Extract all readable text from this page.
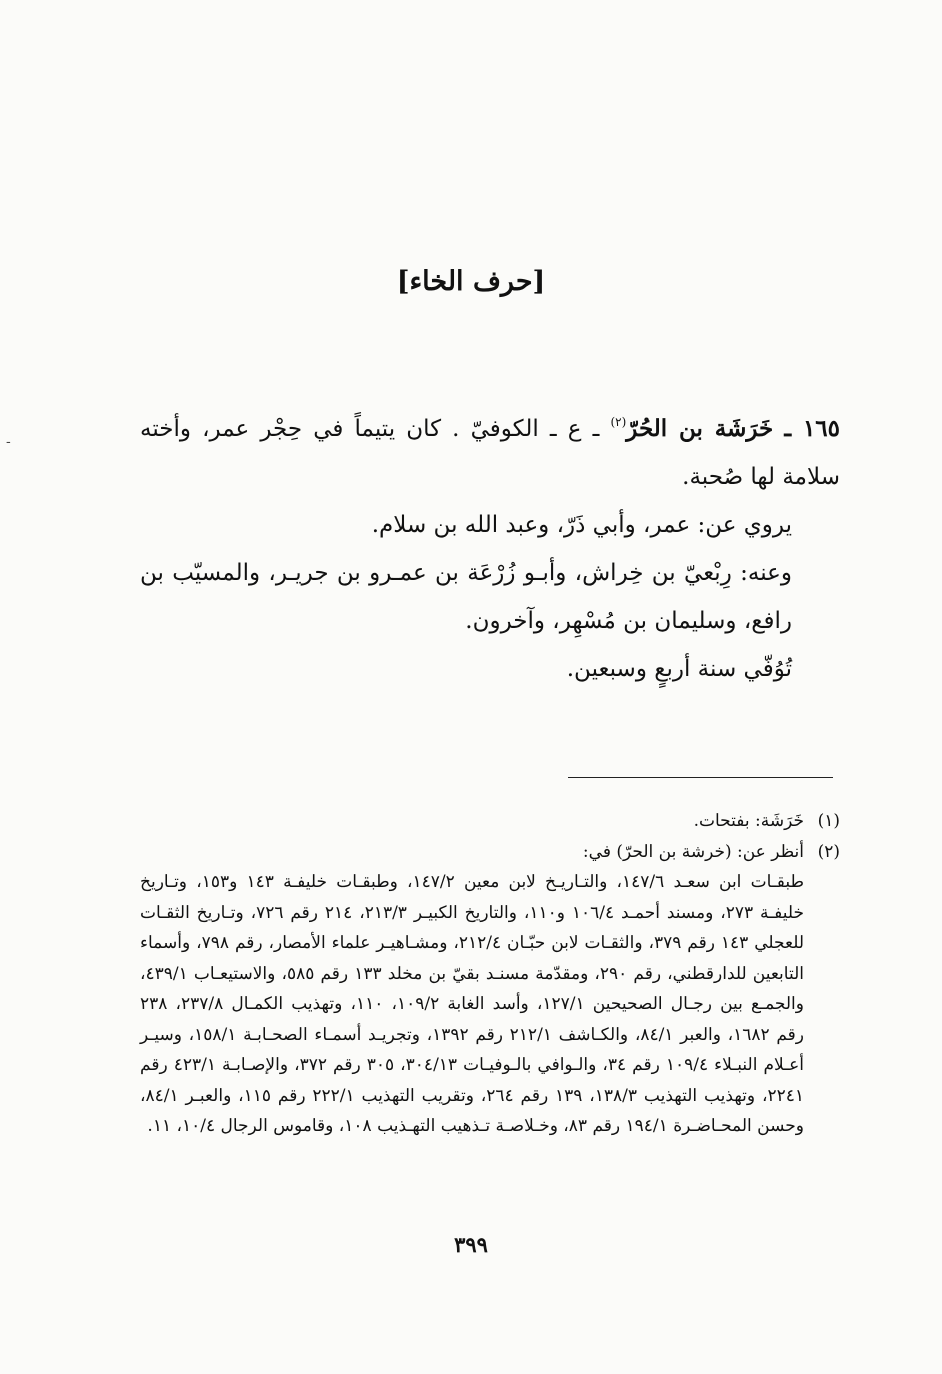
-
[حرف الخاء]

١٦٥ ـ خَرَشَة بن الحُرّ$^{(٢)}$ ـ ع ـ الكوفيّ . كان يتيماً في حِجْر عمر، وأخته سلامة لها صُحبة.

يروي عن: عمر، وأبي ذَرّ، وعبد الله بن سلام.

وعنه: رِبْعيّ بن خِراش، وأبـو زُرْعَة بن عمـرو بن جريـر، والمسيّب بن رافع، وسليمان بن مُسْهِر، وآخرون.

تُوُفّي سنة أربعٍ وسبعين.

(١)

خَرَشَة: بفتحات.

(٢)

أنظر عن: (خرشة بن الحرّ) في:

طبقـات ابن سعـد ١٤٧/٦، والتـاريـخ لابن معين ١٤٧/٢، وطبقـات خليفـة ١٤٣ و١٥٣، وتـاريخ خليفـة ٢٧٣، ومسند أحمـد ١٠٦/٤ و١١٠، والتاريخ الكبيـر ٢١٣/٣، ٢١٤ رقم ٧٢٦، وتـاريخ الثقـات للعجلي ١٤٣ رقم ٣٧٩، والثقـات لابن حبّـان ٢١٢/٤، ومشـاهيـر علماء الأمصار، رقم ٧٩٨، وأسماء التابعين للدارقطني، رقم ٢٩٠، ومقدّمة مسنـد بقيّ بن مخلد ١٣٣ رقم ٥٨٥، والاستيعـاب ٤٣٩/١، والجمـع بين رجـال الصحيحين ١٢٧/١، وأسد الغابة ١٠٩/٢، ١١٠، وتهذيب الكمـال ٢٣٧/٨، ٢٣٨ رقم ١٦٨٢، والعبر ٨٤/١، والكـاشف ٢١٢/١ رقم ١٣٩٢، وتجريـد أسمـاء الصحـابـة ١٥٨/١، وسيـر أعـلام النبـلاء ١٠٩/٤ رقم ٣٤، والـوافي بالـوفيـات ٣٠٤/١٣، ٣٠٥ رقم ٣٧٢، والإصـابـة ٤٢٣/١ رقم ٢٢٤١، وتهذيب التهذيب ١٣٨/٣، ١٣٩ رقم ٢٦٤، وتقريب التهذيب ٢٢٢/١ رقم ١١٥، والعبـر ٨٤/١، وحسن المحـاضـرة ١٩٤/١ رقم ٨٣، وخـلاصـة تـذهيب التهـذيب ١٠٨، وقاموس الرجال ١٠/٤، ١١.

٣٩٩
